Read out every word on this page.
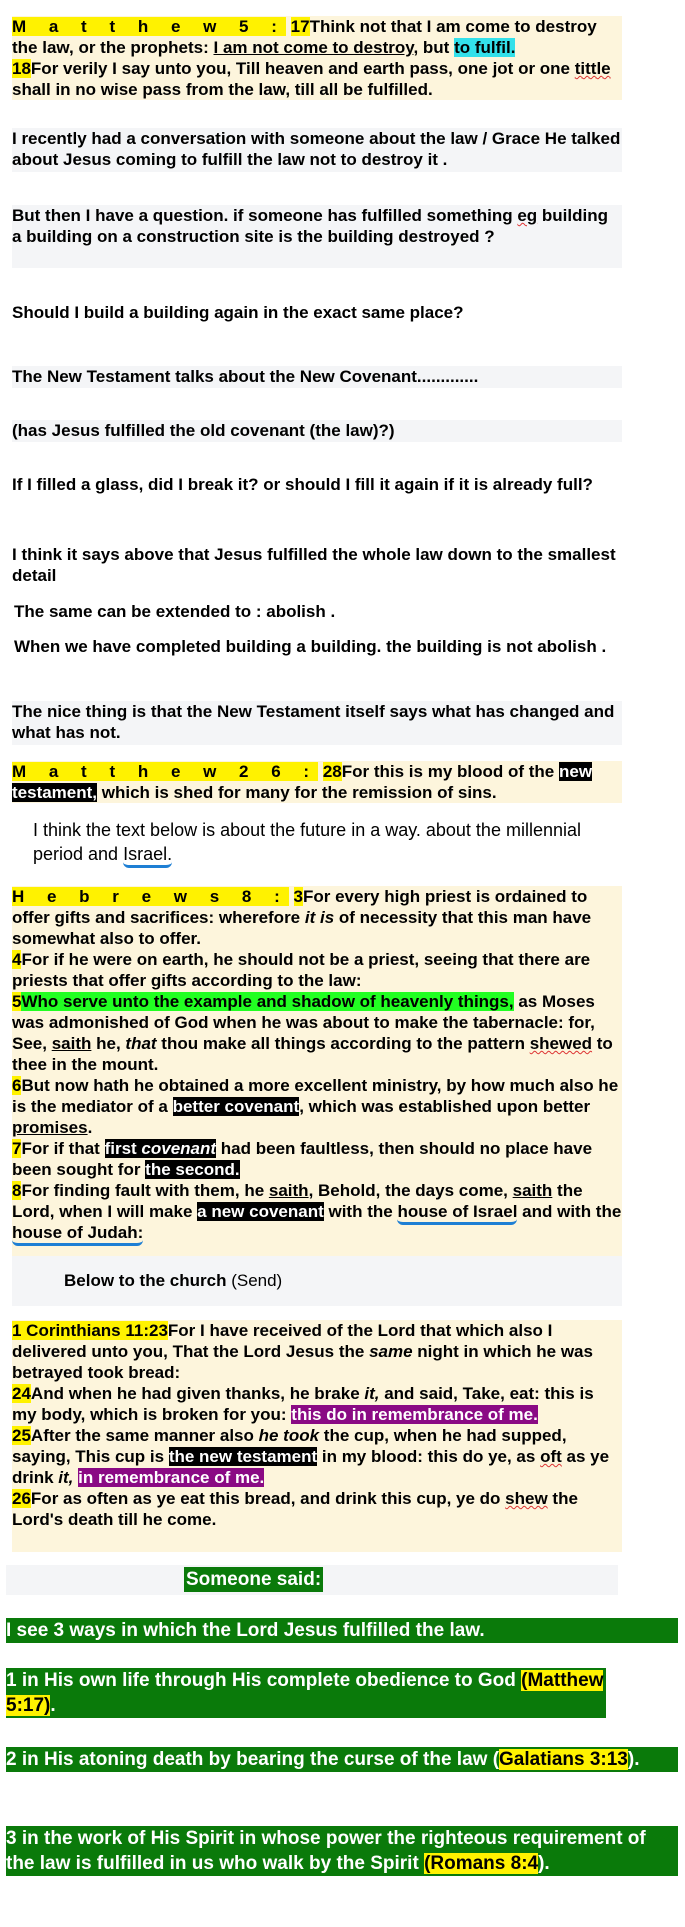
M a t t h e w 5 : 17Think not that I am come to destroy the law, or the prophets: I am not come to destroy, but to fulfil.
18For verily I say unto you, Till heaven and earth pass, one jot or one tittle shall in no wise pass from the law, till all be fulfilled.
I recently had a conversation with someone about the law / Grace He talked about Jesus coming to fulfill the law not to destroy it .
But then I have a question. if someone has fulfilled something eg building a building on a construction site is the building destroyed ?
Should I build a building again in the exact same place?
The New Testament talks about the New Covenant.............
(has Jesus fulfilled the old covenant (the law)?)
If I filled a glass, did I break it? or should I fill it again if it is already full?
I think it says above that Jesus fulfilled the whole law down to the smallest detail
The same can be extended to : abolish .
When we have completed building a building. the building is not abolish .
The nice thing is that the New Testament itself says what has changed and what has not.
M a t t h e w 2 6 : 28For this is my blood of the new testament, which is shed for many for the remission of sins.
I think the text below is about the future in a way. about the millennial period and Israel.
H e b r e w s 8 : 3For every high priest is ordained to offer gifts and sacrifices: wherefore it is of necessity that this man have somewhat also to offer.
4For if he were on earth, he should not be a priest, seeing that there are priests that offer gifts according to the law:
5Who serve unto the example and shadow of heavenly things, as Moses was admonished of God when he was about to make the tabernacle: for, See, saith he, that thou make all things according to the pattern shewed to thee in the mount.
6But now hath he obtained a more excellent ministry, by how much also he is the mediator of a better covenant, which was established upon better promises.
7For if that first covenant had been faultless, then should no place have been sought for the second.
8For finding fault with them, he saith, Behold, the days come, saith the Lord, when I will make a new covenant with the house of Israel and with the house of Judah:
Below to the church (Send)
1 Corinthians 11:23For I have received of the Lord that which also I delivered unto you, That the Lord Jesus the same night in which he was betrayed took bread:
24And when he had given thanks, he brake it, and said, Take, eat: this is my body, which is broken for you: this do in remembrance of me.
25After the same manner also he took the cup, when he had supped, saying, This cup is the new testament in my blood: this do ye, as oft as ye drink it, in remembrance of me.
26For as often as ye eat this bread, and drink this cup, ye do shew the Lord's death till he come.
Someone said:
I see 3 ways in which the Lord Jesus fulfilled the law.
1 in His own life through His complete obedience to God (Matthew 5:17).
2 in His atoning death by bearing the curse of the law (Galatians 3:13).
3 in the work of His Spirit in whose power the righteous requirement of the law is fulfilled in us who walk by the Spirit (Romans 8:4).
